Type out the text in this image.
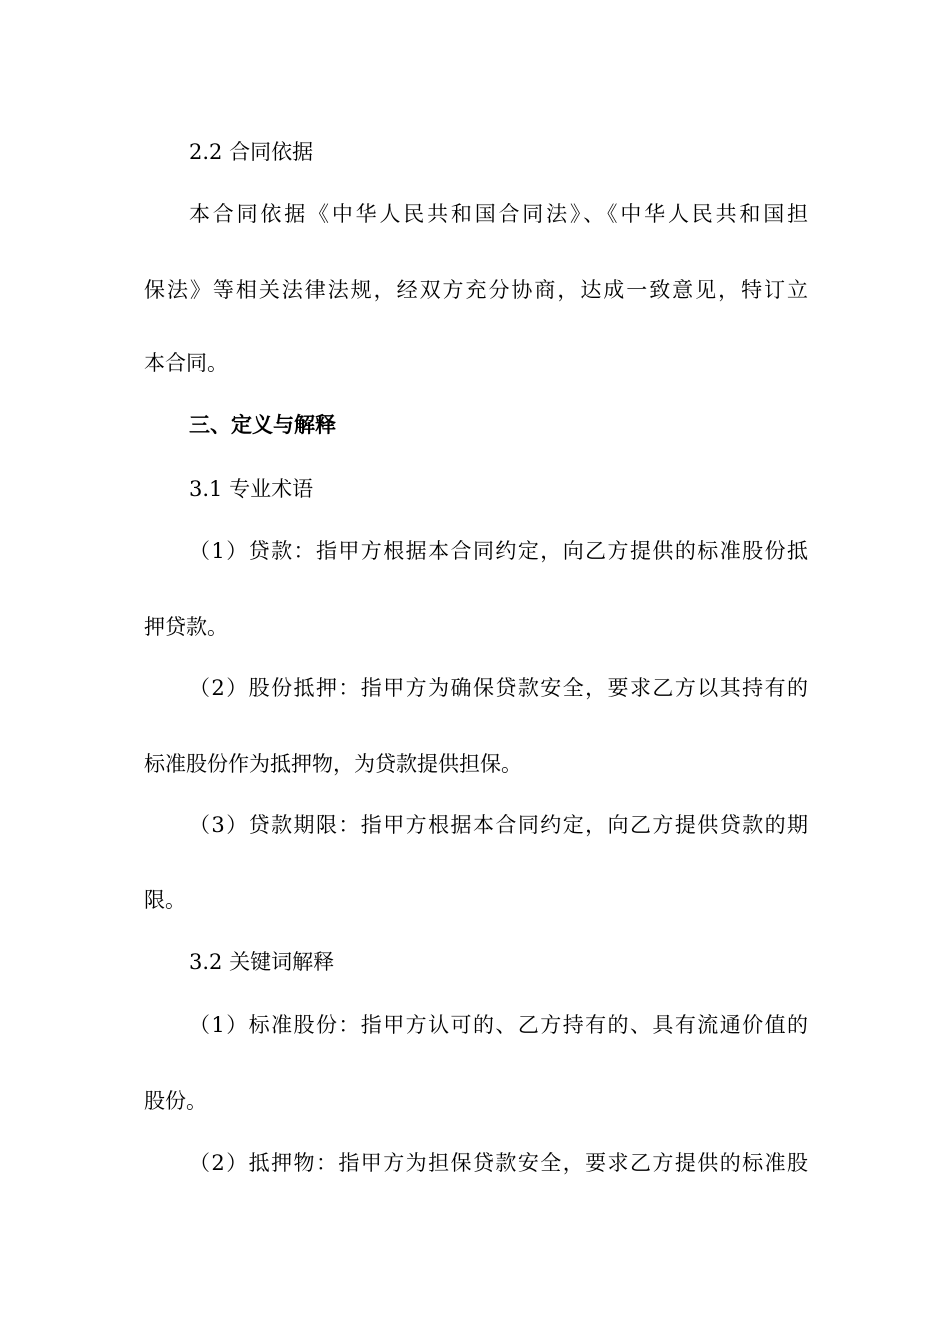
2.2 合同依据
本合同依据《中华人民共和国合同法》、《中华人民共和国担
保法》等相关法律法规，经双方充分协商，达成一致意见，特订立
本合同。
三、定义与解释
3.1 专业术语
（1）贷款：指甲方根据本合同约定，向乙方提供的标准股份抵
押贷款。
（2）股份抵押：指甲方为确保贷款安全，要求乙方以其持有的
标准股份作为抵押物，为贷款提供担保。
（3）贷款期限：指甲方根据本合同约定，向乙方提供贷款的期
限。
3.2 关键词解释
（1）标准股份：指甲方认可的、乙方持有的、具有流通价值的
股份。
（2）抵押物：指甲方为担保贷款安全，要求乙方提供的标准股
